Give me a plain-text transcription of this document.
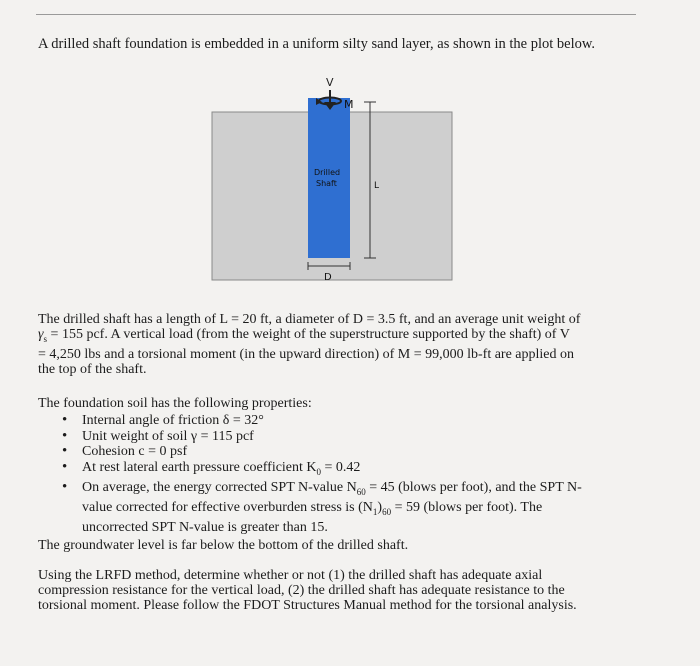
A drilled shaft foundation is embedded in a uniform silty sand layer, as shown in the plot below.
V
M
Drilled
Shaft	L
D
The drilled shaft has a length of L = 20 ft, a diameter of D = 3.5 ft, and an average unit weight of
$\gamma_s = 155$ pcf. A vertical load (from the weight of the superstructure supported by the shaft) of V
= 4,250 lbs and a torsional moment (in the upward direction) of M = 99,000 lb-ft are applied on
the top of the shaft.
The foundation soil has the following properties:
• Internal angle of friction δ = 32°
• Unit weight of soil γ = 115 pcf
• Cohesion c = 0 psf
• At rest lateral earth pressure coefficient $K_0 = 0.42$
• On average, the energy corrected SPT N-value $N_{60} = 45$ (blows per foot), and the SPT N-
value corrected for effective overburden stress is $(N_1)_{60} = 59$ (blows per foot). The
uncorrected SPT N-value is greater than 15.
The groundwater level is far below the bottom of the drilled shaft.
Using the LRFD method, determine whether or not (1) the drilled shaft has adequate axial
compression resistance for the vertical load, (2) the drilled shaft has adequate resistance to the
torsional moment. Please follow the FDOT Structures Manual method for the torsional analysis.
